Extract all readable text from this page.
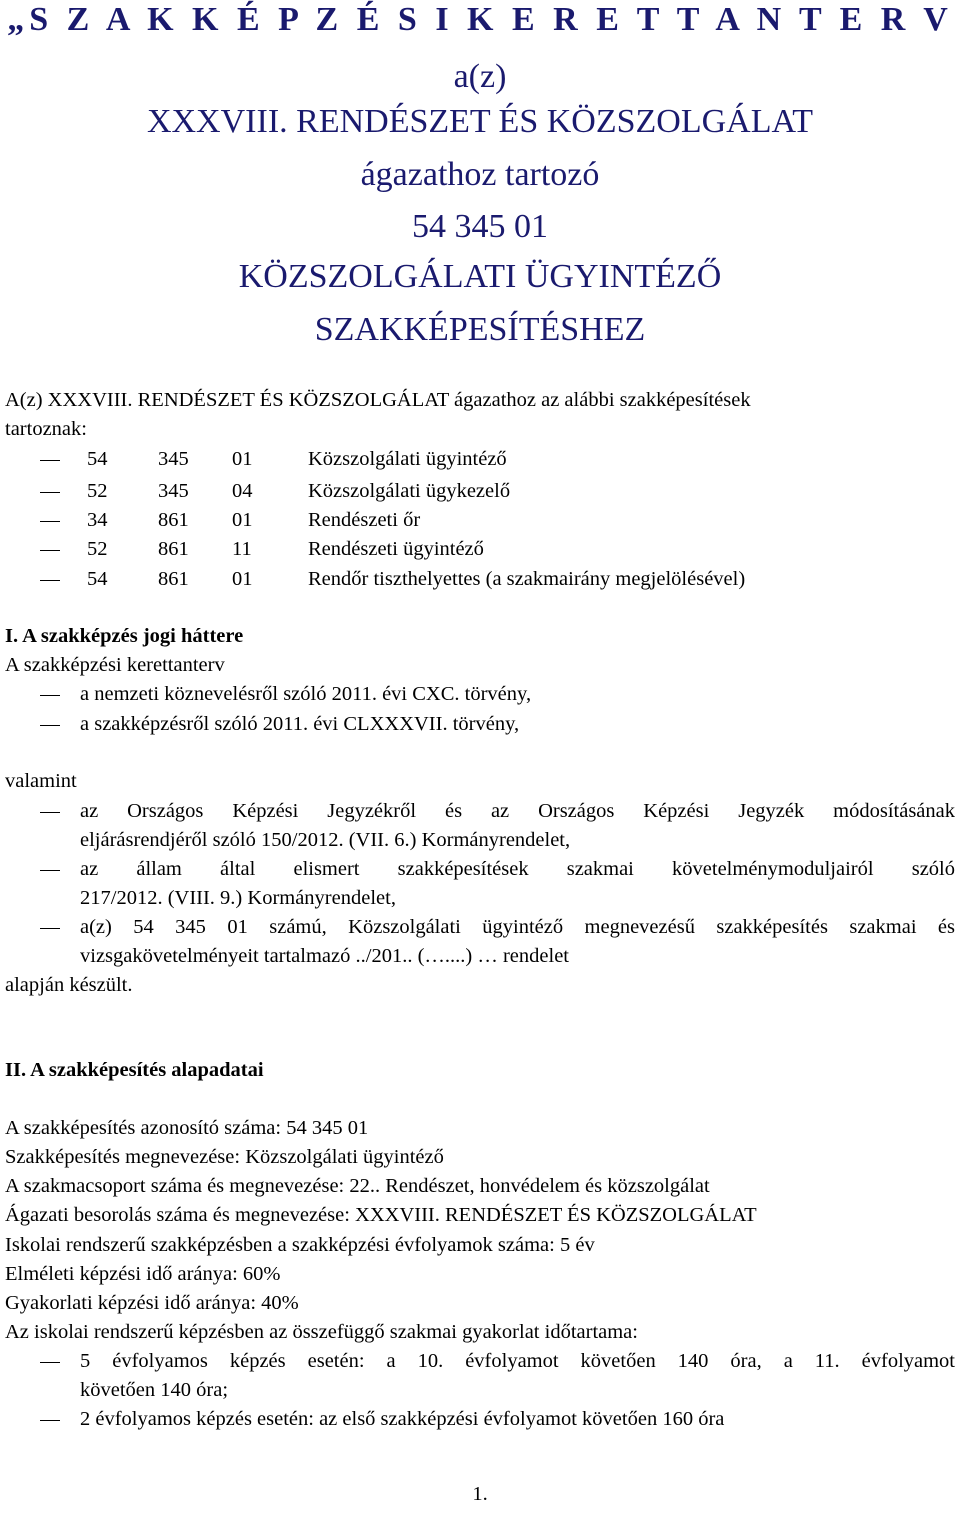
„S Z A K K É P Z É S I K E R E T T A N T E R V
a(z)
XXXVIII. RENDÉSZET ÉS KÖZSZOLGÁLAT
ágazathoz tartozó
54 345 01
KÖZSZOLGÁLATI ÜGYINTÉZŐ
SZAKKÉPESÍTÉSHEZ
A(z) XXXVIII. RENDÉSZET ÉS KÖZSZOLGÁLAT ágazathoz az alábbi szakképesítések
tartoznak:
54 345 01	Közszolgálati ügyintéző
52 345 04	Közszolgálati ügykezelő
34 861 01	Rendészeti őr
52 861 11	Rendészeti ügyintéző
54 861 01	Rendőr tiszthelyettes (a szakmairány megjelölésével)
I. A szakképzés jogi háttere
A szakképzési kerettanterv
a nemzeti köznevelésről szóló 2011. évi CXC. törvény,
a szakképzésről szóló 2011. évi CLXXXVII. törvény,
valamint
az Országos Képzési Jegyzékről és az Országos Képzési Jegyzék módosításának
eljárásrendjéről szóló 150/2012. (VII. 6.) Kormányrendelet,
az állam által elismert szakképesítések szakmai követelménymoduljairól szóló
217/2012. (VIII. 9.) Kormányrendelet,
a(z) 54 345 01 számú, Közszolgálati ügyintéző megnevezésű szakképesítés szakmai és
vizsgakövetelményeit tartalmazó ../201.. (…....) … rendelet
alapján készült.
II. A szakképesítés alapadatai
A szakképesítés azonosító száma: 54 345 01
Szakképesítés megnevezése: Közszolgálati ügyintéző
A szakmacsoport száma és megnevezése: 22.. Rendészet, honvédelem és közszolgálat
Ágazati besorolás száma és megnevezése: XXXVIII. RENDÉSZET ÉS KÖZSZOLGÁLAT
Iskolai rendszerű szakképzésben a szakképzési évfolyamok száma: 5 év
Elméleti képzési idő aránya: 60%
Gyakorlati képzési idő aránya: 40%
Az iskolai rendszerű képzésben az összefüggő szakmai gyakorlat időtartama:
5 évfolyamos képzés esetén: a 10. évfolyamot követően 140 óra, a 11. évfolyamot
követően 140 óra;
2 évfolyamos képzés esetén: az első szakképzési évfolyamot követően 160 óra
1.
